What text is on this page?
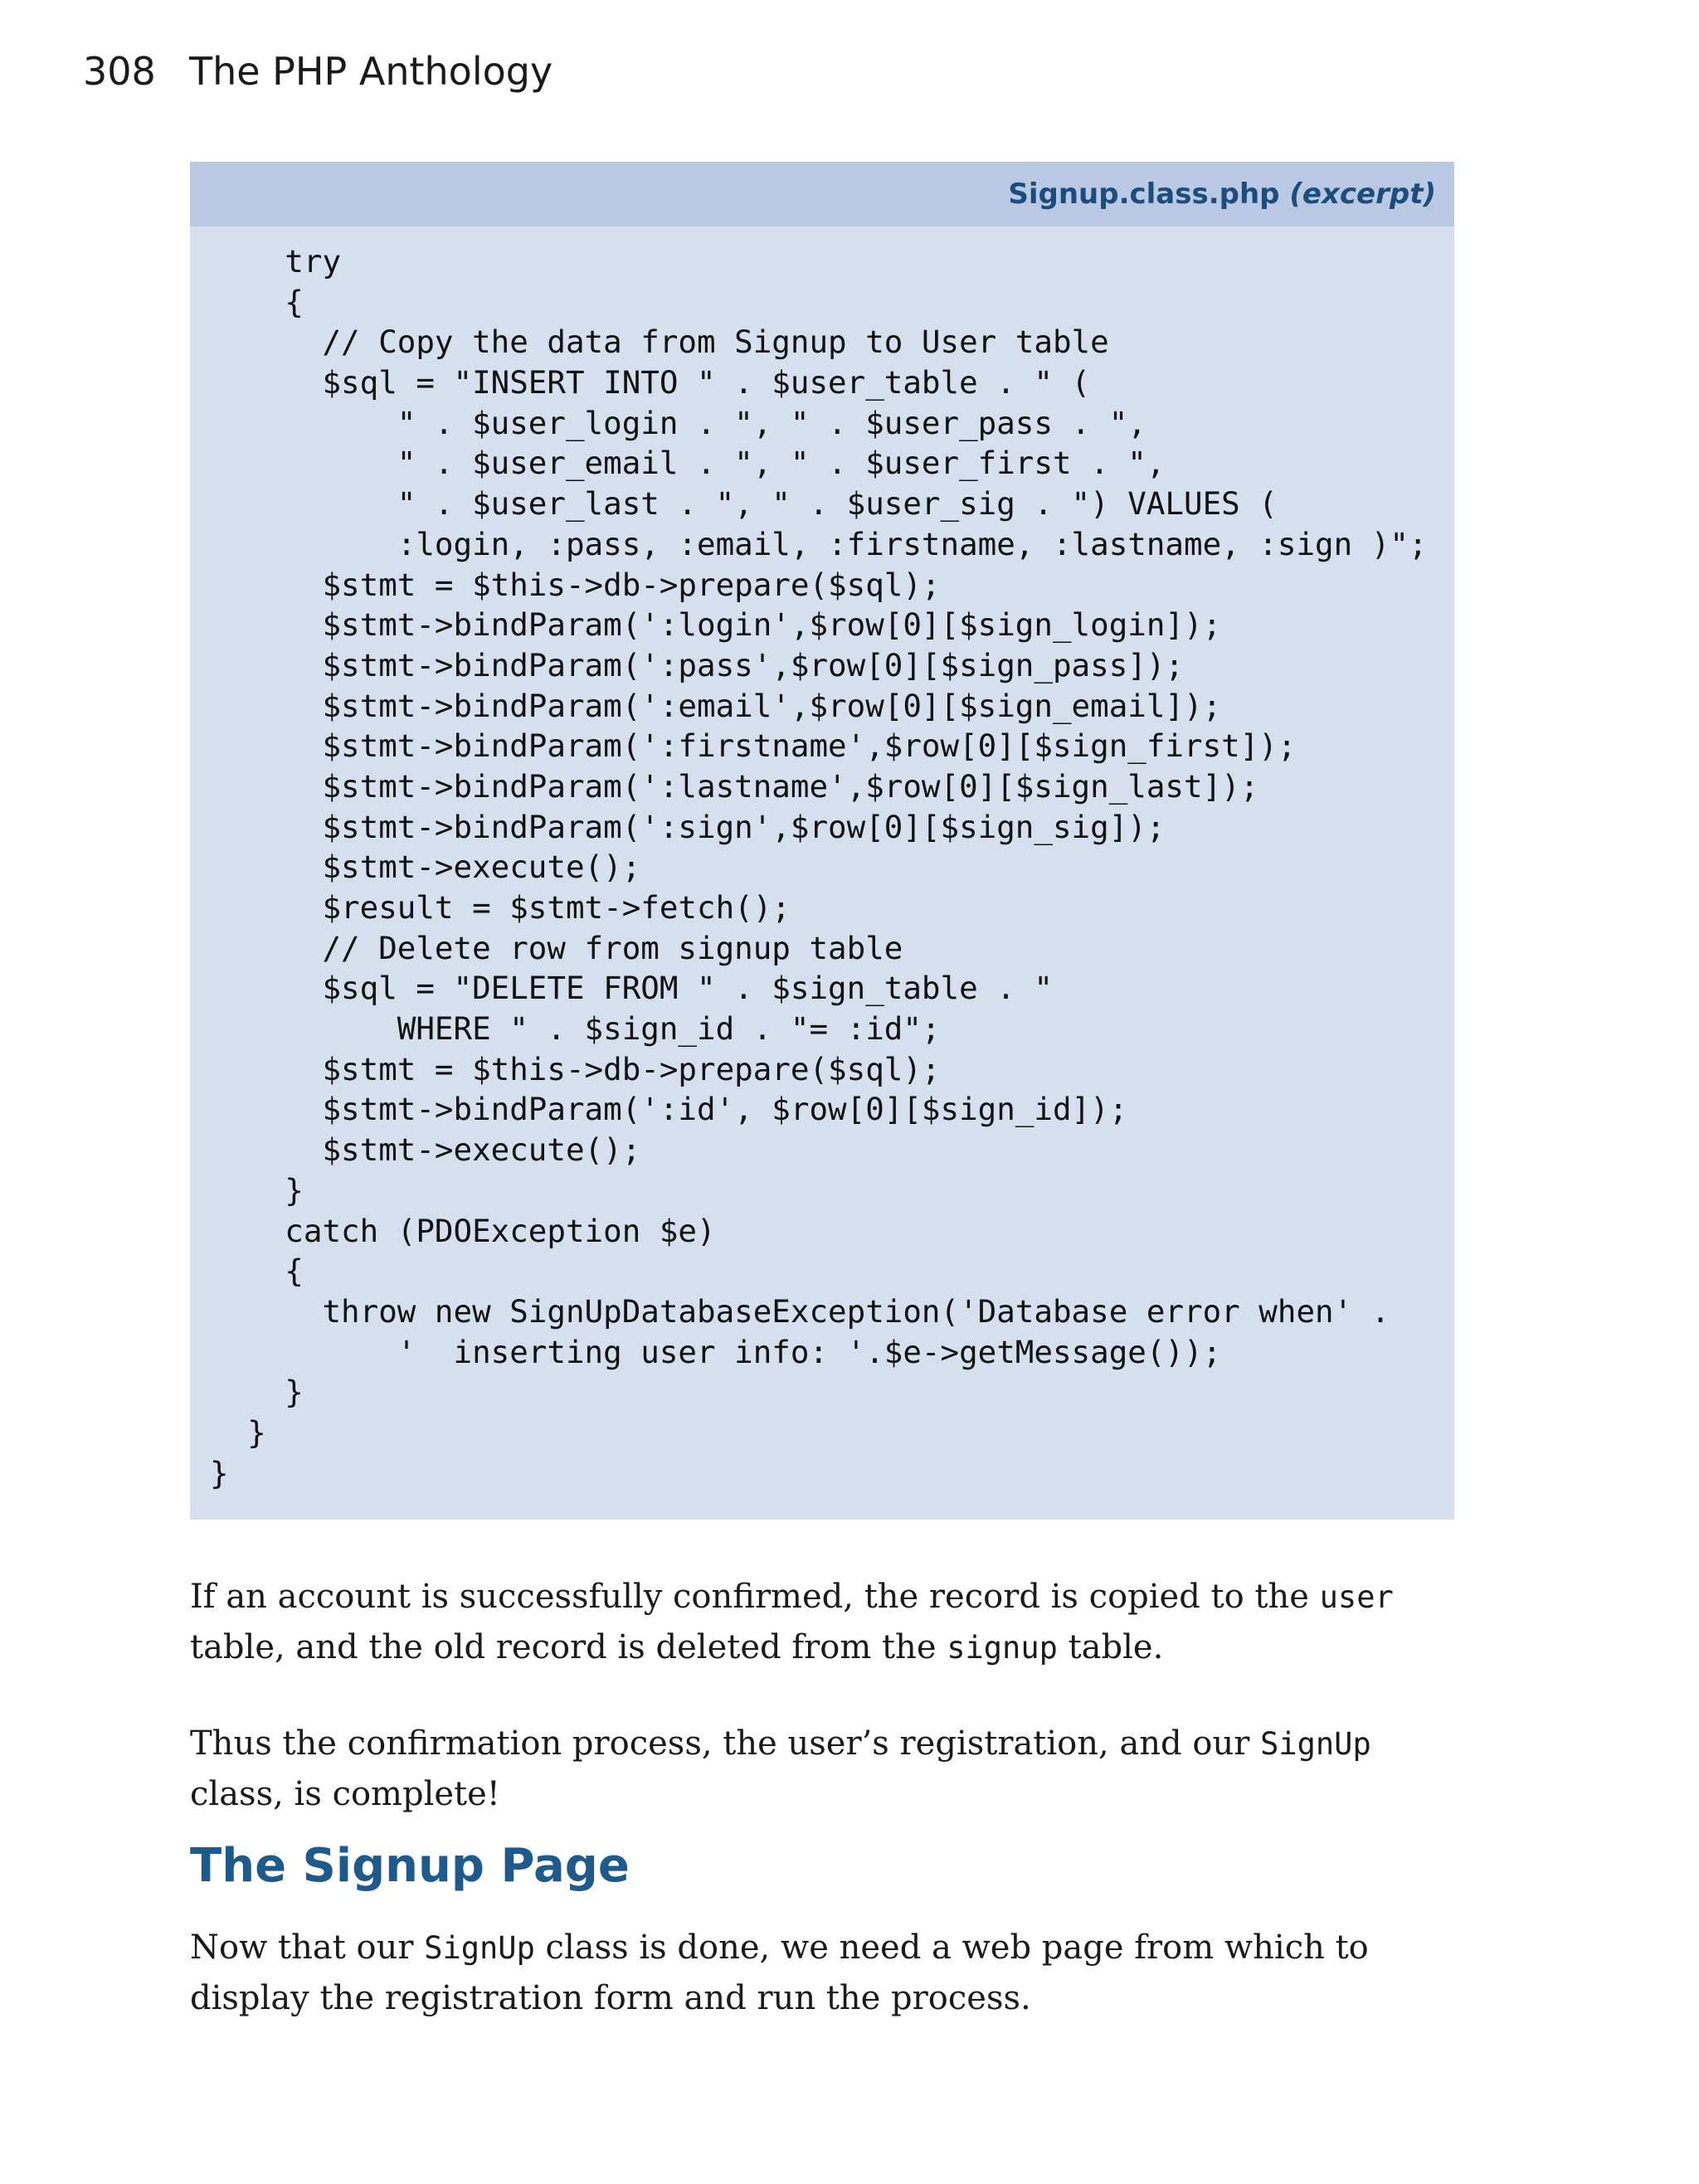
308 The PHP Anthology
Signup.class.php (excerpt)
try
{
// Copy the data from Signup to User table
$sql = "INSERT INTO " . $user_table . " (
" . $user_login . ", " . $user_pass . ",
" . $user_email . ", " . $user_first . ",
" . $user_last . ", " . $user_sig . ") VALUES (
:login, :pass, :email, :firstname, :lastname, :sign )";
$stmt = $this->db->prepare($sql);
$stmt->bindParam(':login',$row[0][$sign_login]);
$stmt->bindParam(':pass',$row[0][$sign_pass]);
$stmt->bindParam(':email',$row[0][$sign_email]);
$stmt->bindParam(':firstname',$row[0][$sign_first]);
$stmt->bindParam(':lastname',$row[0][$sign_last]);
$stmt->bindParam(':sign',$row[0][$sign_sig]);
$stmt->execute();
$result = $stmt->fetch();
// Delete row from signup table
$sql = "DELETE FROM " . $sign_table . "
WHERE " . $sign_id . "= :id";
$stmt = $this->db->prepare($sql);
$stmt->bindParam(':id', $row[0][$sign_id]);
$stmt->execute();
}
catch (PDOException $e)
{
throw new SignUpDatabaseException('Database error when' .
'  inserting user info: '.$e->getMessage());
}
}
}

If an account is successfully confirmed, the record is copied to the user table, and the old record is deleted from the signup table.

Thus the confirmation process, the user’s registration, and our SignUp class, is complete!

The Signup Page

Now that our SignUp class is done, we need a web page from which to display the registration form and run the process.
